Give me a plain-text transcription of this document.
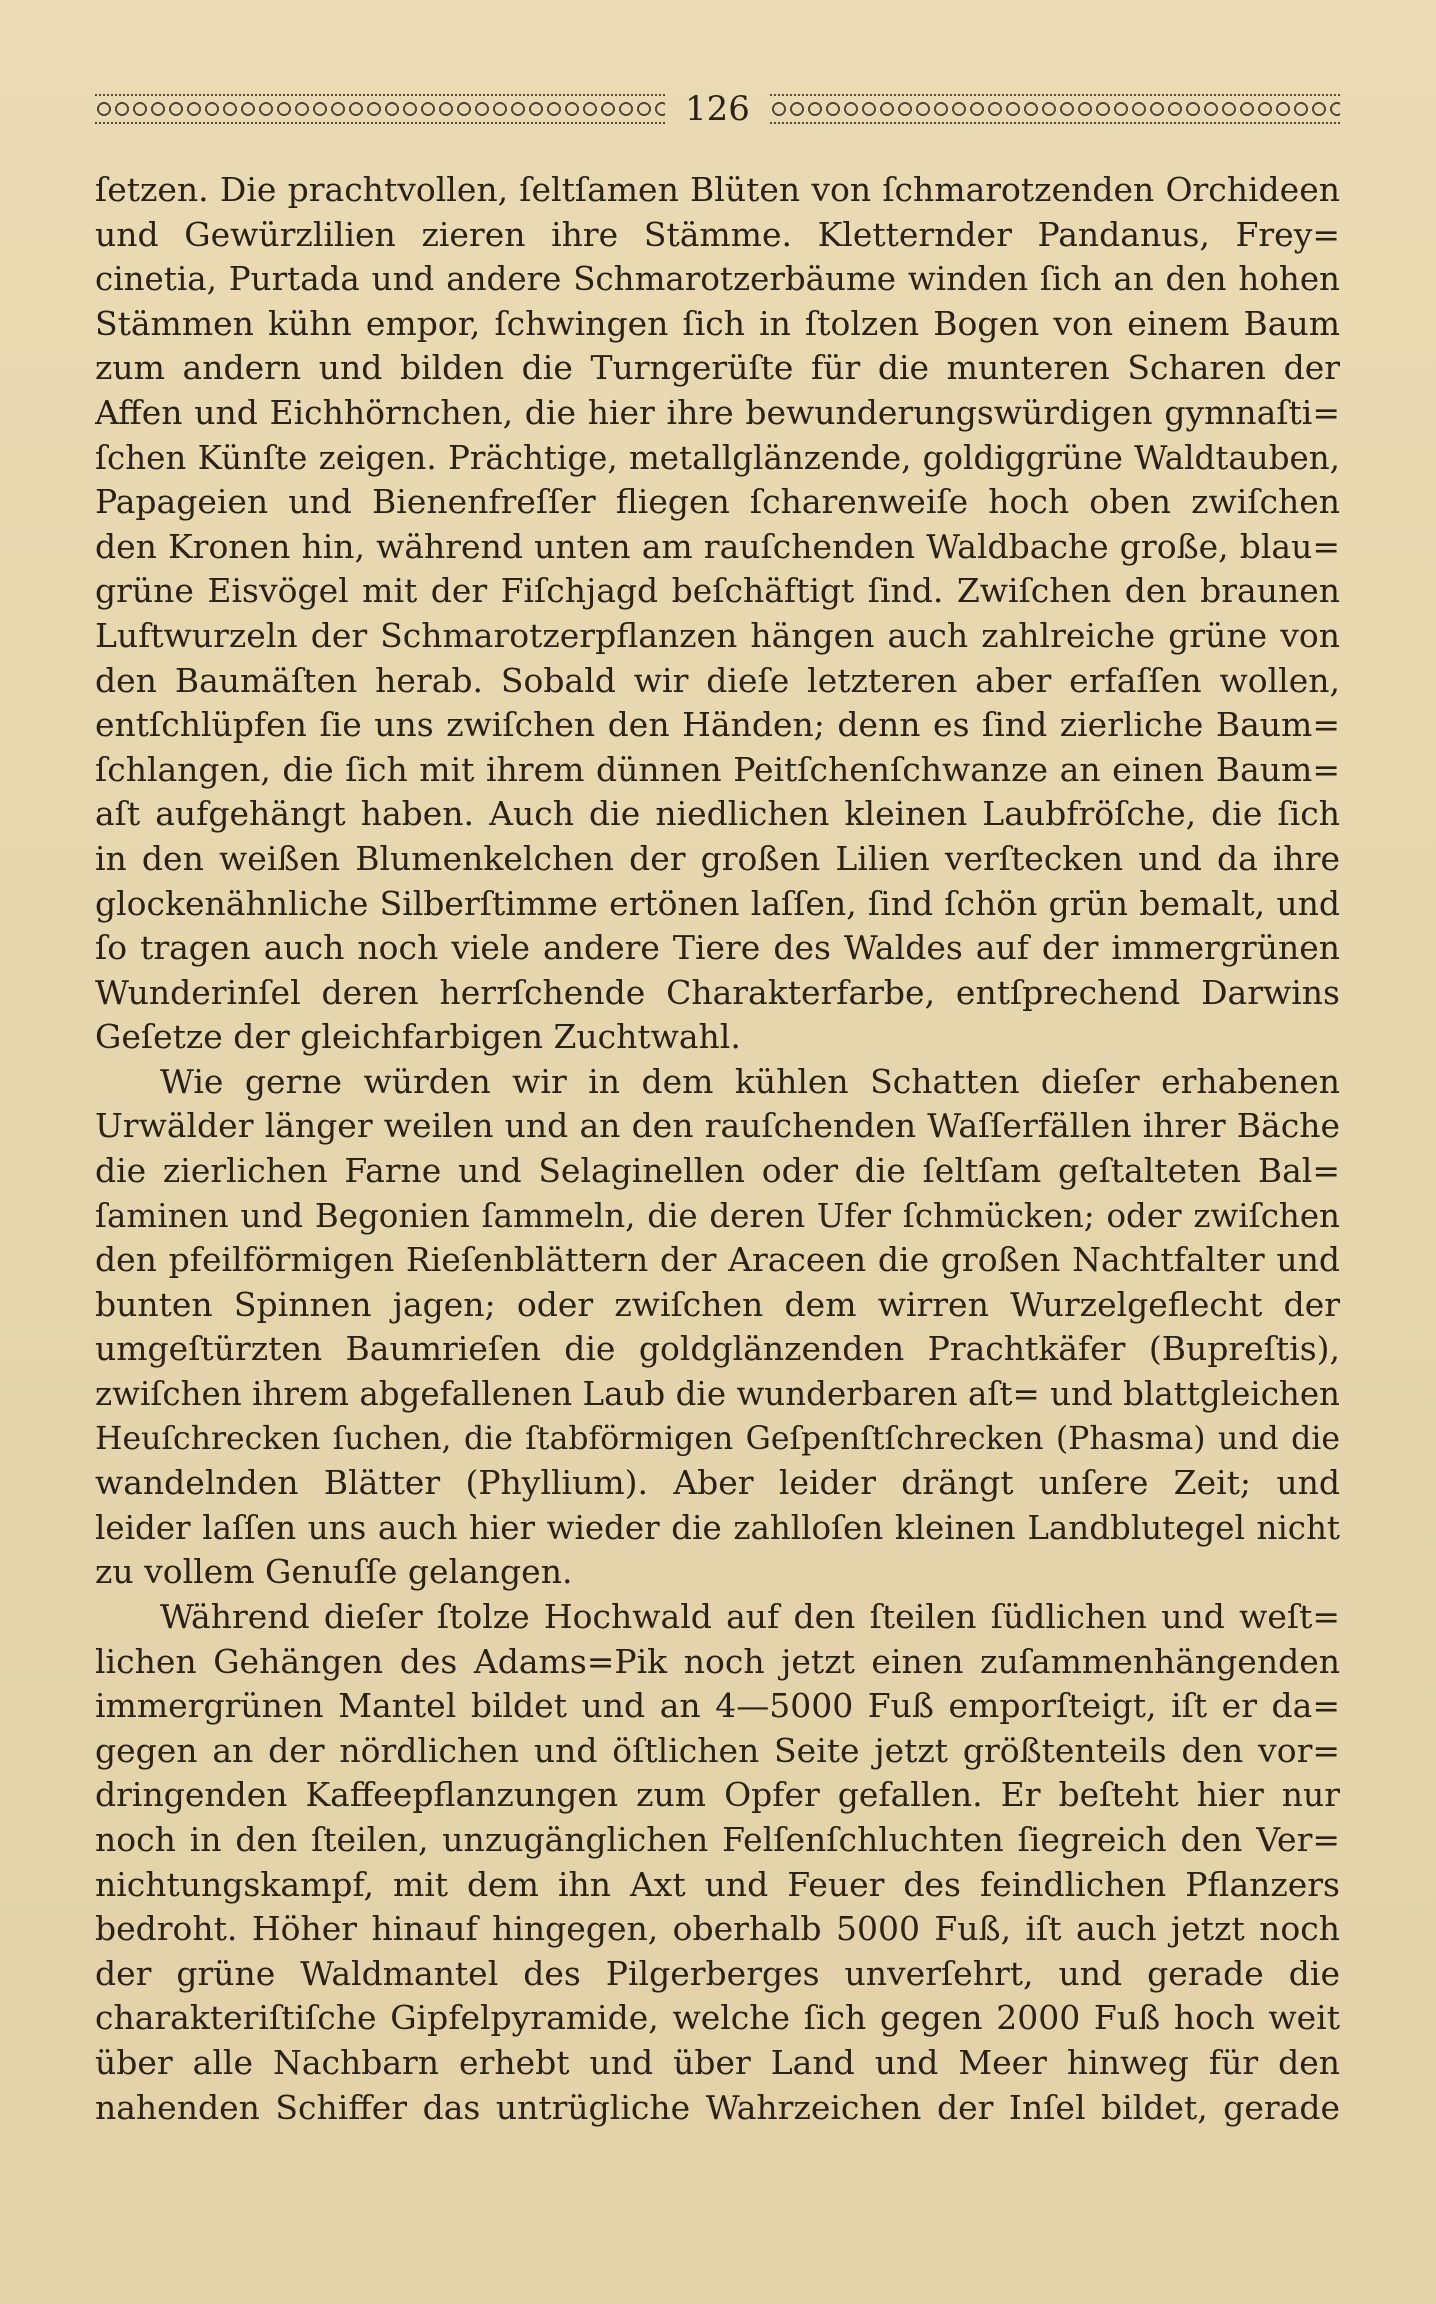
126
ſetzen. Die prachtvollen, ſeltſamen Blüten von ſchmarotzenden Orchideen
und Gewürzlilien zieren ihre Stämme. Kletternder Pandanus, Frey=
cinetia, Purtada und andere Schmarotzerbäume winden ſich an den hohen
Stämmen kühn empor, ſchwingen ſich in ſtolzen Bogen von einem Baum
zum andern und bilden die Turngerüſte für die munteren Scharen der
Affen und Eichhörnchen, die hier ihre bewunderungswürdigen gymnaſti=
ſchen Künſte zeigen. Prächtige, metallglänzende, goldiggrüne Waldtauben,
Papageien und Bienenfreſſer fliegen ſcharenweiſe hoch oben zwiſchen
den Kronen hin, während unten am rauſchenden Waldbache große, blau=
grüne Eisvögel mit der Fiſchjagd beſchäftigt ſind. Zwiſchen den braunen
Luftwurzeln der Schmarotzerpflanzen hängen auch zahlreiche grüne von
den Baumäſten herab. Sobald wir dieſe letzteren aber erfaſſen wollen,
entſchlüpfen ſie uns zwiſchen den Händen; denn es ſind zierliche Baum=
ſchlangen, die ſich mit ihrem dünnen Peitſchenſchwanze an einen Baum=
aſt aufgehängt haben. Auch die niedlichen kleinen Laubfröſche, die ſich
in den weißen Blumenkelchen der großen Lilien verſtecken und da ihre
glockenähnliche Silberſtimme ertönen laſſen, ſind ſchön grün bemalt, und
ſo tragen auch noch viele andere Tiere des Waldes auf der immergrünen
Wunderinſel deren herrſchende Charakterfarbe, entſprechend Darwins
Geſetze der gleichfarbigen Zuchtwahl.
Wie gerne würden wir in dem kühlen Schatten dieſer erhabenen
Urwälder länger weilen und an den rauſchenden Waſſerfällen ihrer Bäche
die zierlichen Farne und Selaginellen oder die ſeltſam geſtalteten Bal=
ſaminen und Begonien ſammeln, die deren Ufer ſchmücken; oder zwiſchen
den pfeilförmigen Rieſenblättern der Araceen die großen Nachtfalter und
bunten Spinnen jagen; oder zwiſchen dem wirren Wurzelgeflecht der
umgeſtürzten Baumrieſen die goldglänzenden Prachtkäfer (Bupreſtis),
zwiſchen ihrem abgefallenen Laub die wunderbaren aſt= und blattgleichen
Heuſchrecken ſuchen, die ſtabförmigen Geſpenſtſchrecken (Phasma) und die
wandelnden Blätter (Phyllium). Aber leider drängt unſere Zeit; und
leider laſſen uns auch hier wieder die zahlloſen kleinen Landblutegel nicht
zu vollem Genuſſe gelangen.
Während dieſer ſtolze Hochwald auf den ſteilen ſüdlichen und weſt=
lichen Gehängen des Adams=Pik noch jetzt einen zuſammenhängenden
immergrünen Mantel bildet und an 4—5000 Fuß emporſteigt, iſt er da=
gegen an der nördlichen und öſtlichen Seite jetzt größtenteils den vor=
dringenden Kaffeepflanzungen zum Opfer gefallen. Er beſteht hier nur
noch in den ſteilen, unzugänglichen Felſenſchluchten ſiegreich den Ver=
nichtungskampf, mit dem ihn Axt und Feuer des feindlichen Pflanzers
bedroht. Höher hinauf hingegen, oberhalb 5000 Fuß, iſt auch jetzt noch
der grüne Waldmantel des Pilgerberges unverſehrt, und gerade die
charakteriſtiſche Gipfelpyramide, welche ſich gegen 2000 Fuß hoch weit
über alle Nachbarn erhebt und über Land und Meer hinweg für den
nahenden Schiffer das untrügliche Wahrzeichen der Inſel bildet, gerade
